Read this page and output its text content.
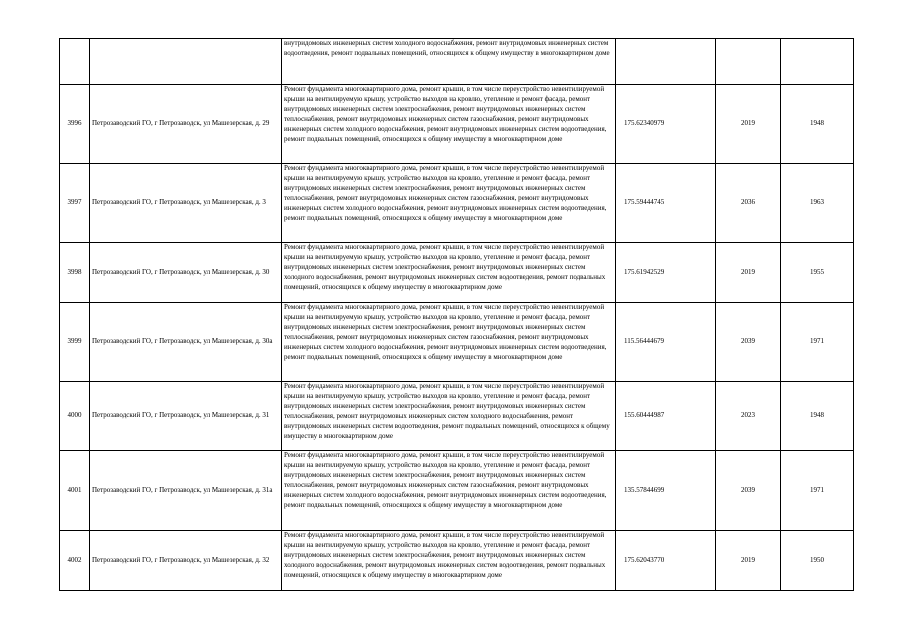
		внутридомовых инженерных систем холодного водоснабжения, ремонт внутридомовых инженерных систем водоотведения, ремонт подвальных помещений, относящихся к общему имуществу в многоквартирном доме			
3996	Петрозаводский ГО, г Петрозаводск, ул Машезерская, д. 29	Ремонт фундамента многоквартирного дома, ремонт крыши, в том числе переустройство невентилируемой крыши на вентилируемую крышу, устройство выходов на кровлю, утепление и ремонт фасада, ремонт внутридомовых инженерных систем электроснабжения, ремонт внутридомовых инженерных систем теплоснабжения, ремонт внутридомовых инженерных систем газоснабжения, ремонт внутридомовых инженерных систем холодного водоснабжения, ремонт внутридомовых инженерных систем водоотведения, ремонт подвальных помещений, относящихся к общему имуществу в многоквартирном доме	175.62340979	2019	1948
3997	Петрозаводский ГО, г Петрозаводск, ул Машезерская, д. 3	Ремонт фундамента многоквартирного дома, ремонт крыши, в том числе переустройство невентилируемой крыши на вентилируемую крышу, устройство выходов на кровлю, утепление и ремонт фасада, ремонт внутридомовых инженерных систем электроснабжения, ремонт внутридомовых инженерных систем теплоснабжения, ремонт внутридомовых инженерных систем газоснабжения, ремонт внутридомовых инженерных систем холодного водоснабжения, ремонт внутридомовых инженерных систем водоотведения, ремонт подвальных помещений, относящихся к общему имуществу в многоквартирном доме	175.59444745	2036	1963
3998	Петрозаводский ГО, г Петрозаводск, ул Машезерская, д. 30	Ремонт фундамента многоквартирного дома, ремонт крыши, в том числе переустройство невентилируемой крыши на вентилируемую крышу, устройство выходов на кровлю, утепление и ремонт фасада, ремонт внутридомовых инженерных систем электроснабжения, ремонт внутридомовых инженерных систем холодного водоснабжения, ремонт внутридомовых инженерных систем водоотведения, ремонт подвальных помещений, относящихся к общему имуществу в многоквартирном доме	175.61942529	2019	1955
3999	Петрозаводский ГО, г Петрозаводск, ул Машезерская, д. 30а	Ремонт фундамента многоквартирного дома, ремонт крыши, в том числе переустройство невентилируемой крыши на вентилируемую крышу, устройство выходов на кровлю, утепление и ремонт фасада, ремонт внутридомовых инженерных систем электроснабжения, ремонт внутридомовых инженерных систем теплоснабжения, ремонт внутридомовых инженерных систем газоснабжения, ремонт внутридомовых инженерных систем холодного водоснабжения, ремонт внутридомовых инженерных систем водоотведения, ремонт подвальных помещений, относящихся к общему имуществу в многоквартирном доме	115.56444679	2039	1971
4000	Петрозаводский ГО, г Петрозаводск, ул Машезерская, д. 31	Ремонт фундамента многоквартирного дома, ремонт крыши, в том числе переустройство невентилируемой крыши на вентилируемую крышу, устройство выходов на кровлю, утепление и ремонт фасада, ремонт внутридомовых инженерных систем электроснабжения, ремонт внутридомовых инженерных систем теплоснабжения, ремонт внутридомовых инженерных систем холодного водоснабжения, ремонт внутридомовых инженерных систем водоотведения, ремонт подвальных помещений, относящихся к общему имуществу в многоквартирном доме	155.60444987	2023	1948
4001	Петрозаводский ГО, г Петрозаводск, ул Машезерская, д. 31а	Ремонт фундамента многоквартирного дома, ремонт крыши, в том числе переустройство невентилируемой крыши на вентилируемую крышу, устройство выходов на кровлю, утепление и ремонт фасада, ремонт внутридомовых инженерных систем электроснабжения, ремонт внутридомовых инженерных систем теплоснабжения, ремонт внутридомовых инженерных систем газоснабжения, ремонт внутридомовых инженерных систем холодного водоснабжения, ремонт внутридомовых инженерных систем водоотведения, ремонт подвальных помещений, относящихся к общему имуществу в многоквартирном доме	135.57844699	2039	1971
4002	Петрозаводский ГО, г Петрозаводск, ул Машезерская, д. 32	Ремонт фундамента многоквартирного дома, ремонт крыши, в том числе переустройство невентилируемой крыши на вентилируемую крышу, устройство выходов на кровлю, утепление и ремонт фасада, ремонт внутридомовых инженерных систем электроснабжения, ремонт внутридомовых инженерных систем холодного водоснабжения, ремонт внутридомовых инженерных систем водоотведения, ремонт подвальных помещений, относящихся к общему имуществу в многоквартирном доме	175.62043770	2019	1950
